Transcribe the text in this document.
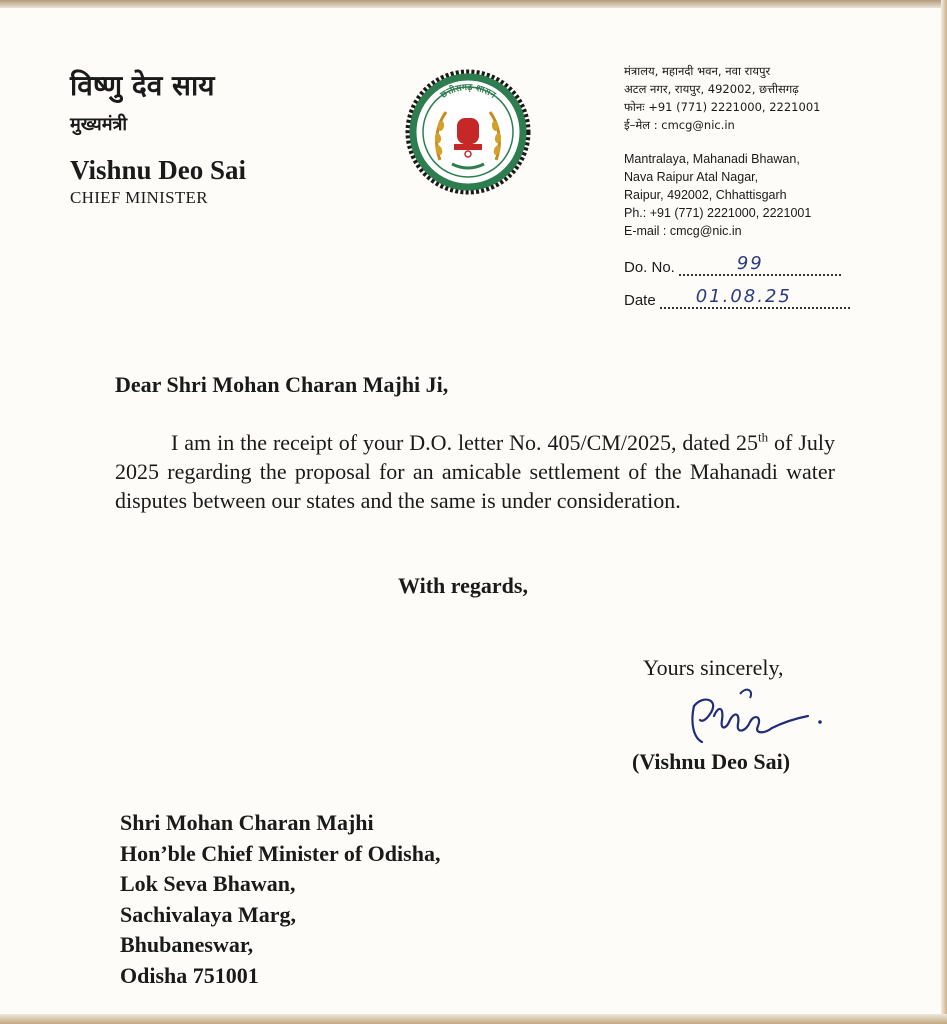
विष्णु देव साय
मुख्यमंत्री
Vishnu Deo Sai
CHIEF MINISTER
छत्तीसगढ़ शासन
मंत्रालय, महानदी भवन, नवा रायपुर
अटल नगर, रायपुर, 492002, छत्तीसगढ़
फोनः +91 (771) 2221000, 2221001
ई–मेल : cmcg@nic.in
Mantralaya, Mahanadi Bhawan,
Nava Raipur Atal Nagar,
Raipur, 492002, Chhattisgarh
Ph.: +91 (771) 2221000, 2221001
E-mail : cmcg@nic.in
Do. No.	99
Date 01.08.25
Dear Shri Mohan Charan Majhi Ji,
I am in the receipt of your D.O. letter No. 405/CM/2025, dated 25th of July 2025 regarding the proposal for an amicable settlement of the Mahanadi water disputes between our states and the same is under consideration.
With regards,
Yours sincerely,
(Vishnu Deo Sai)
Shri Mohan Charan Majhi
Hon’ble Chief Minister of Odisha,
Lok Seva Bhawan,
Sachivalaya Marg,
Bhubaneswar,
Odisha 751001
